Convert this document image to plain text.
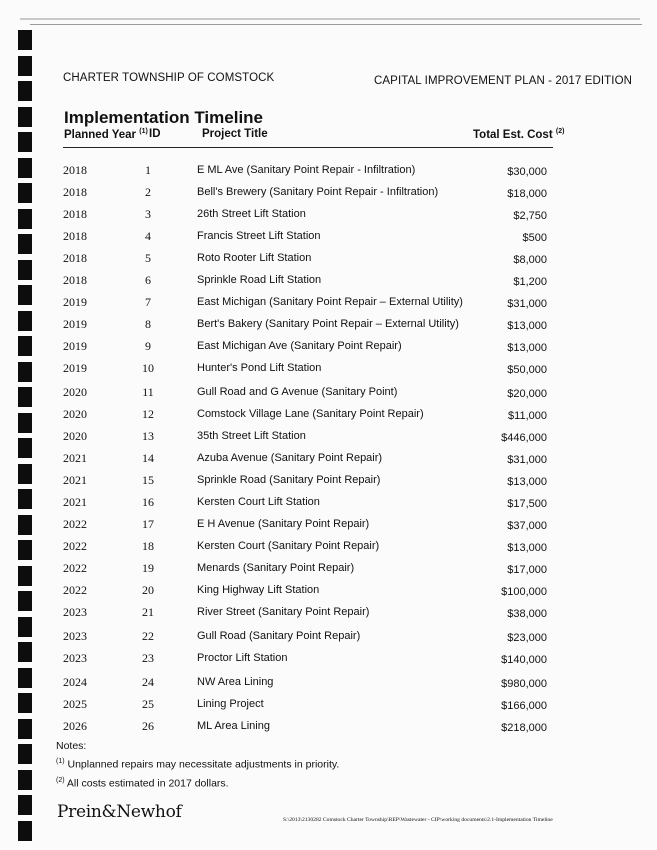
CHARTER TOWNSHIP OF COMSTOCK	CAPITAL IMPROVEMENT PLAN - 2017 EDITION
Implementation Timeline
Planned Year $^{(1)}$ ID	Project Title	Total Est. Cost $^{(2)}$
2018	1	E ML Ave (Sanitary Point Repair - Infiltration)	$30,000
2018	2	Bell's Brewery (Sanitary Point Repair - Infiltration)	$18,000
2018	3	26th Street Lift Station	$2,750
2018	4	Francis Street Lift Station	$500
2018	5	Roto Rooter Lift Station	$8,000
2018	6	Sprinkle Road Lift Station	$1,200
2019	7	East Michigan (Sanitary Point Repair – External Utility)	$31,000
2019	8	Bert's Bakery (Sanitary Point Repair – External Utility)	$13,000
2019	9	East Michigan Ave (Sanitary Point Repair)	$13,000
2019	10	Hunter's Pond Lift Station	$50,000
2020	11	Gull Road and G Avenue (Sanitary Point)	$20,000
2020	12	Comstock Village Lane (Sanitary Point Repair)	$11,000
2020	13	35th Street Lift Station	$446,000
2021	14	Azuba Avenue (Sanitary Point Repair)	$31,000
2021	15	Sprinkle Road (Sanitary Point Repair)	$13,000
2021	16	Kersten Court Lift Station	$17,500
2022	17	E H Avenue (Sanitary Point Repair)	$37,000
2022	18	Kersten Court (Sanitary Point Repair)	$13,000
2022	19	Menards (Sanitary Point Repair)	$17,000
2022	20	King Highway Lift Station	$100,000
2023	21	River Street (Sanitary Point Repair)	$38,000
2023	22	Gull Road (Sanitary Point Repair)	$23,000
2023	23	Proctor Lift Station	$140,000
2024	24	NW Area Lining	$980,000
2025	25	Lining Project	$166,000
2026	26	ML Area Lining	$218,000
Notes:
$^{(1)}$ Unplanned repairs may necessitate adjustments in priority.
$^{(2)}$ All costs estimated in 2017 dollars.
Prein&Newhof	S:\2013\2130282 Comstock Charter Township\REP\Wastewater - CIP\working documents\2.1-Implementation Timeline
